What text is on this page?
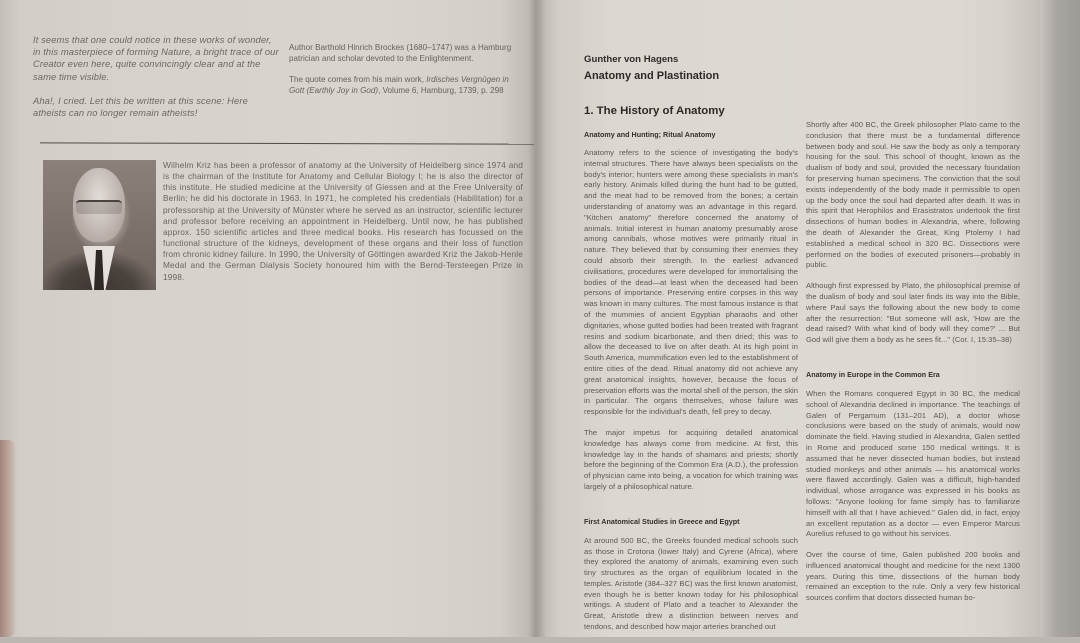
It seems that one could notice in these works of wonder, in this masterpiece of forming Nature, a bright trace of our Creator even here, quite convincingly clear and at the same time visible.

Aha!, I cried. Let this be written at this scene: Here atheists can no longer remain atheists!

Author Barthold Hinrich Brockes (1680–1747) was a Hamburg patrician and scholar devoted to the Enlightenment.

The quote comes from his main work, Irdisches Vergnügen in Gott (Earthly Joy in God), Volume 6, Hamburg, 1739, p. 298

Wilhelm Kriz has been a professor of anatomy at the University of Heidelberg since 1974 and is the chairman of the Institute for Anatomy and Cellular Biology I; he is also the director of this institute. He studied medicine at the University of Giessen and at the Free University of Berlin; he did his doctorate in 1963. In 1971, he completed his credentials (Habilitation) for a professorship at the University of Münster where he served as an instructor, scientific lecturer and professor before receiving an appointment in Heidelberg. Until now, he has published approx. 150 scientific articles and three medical books. His research has focussed on the functional structure of the kidneys, development of these organs and their loss of function from chronic kidney failure. In 1990, the University of Göttingen awarded Kriz the Jakob-Henle Medal and the German Dialysis Society honoured him with the Bernd-Tersteegen Prize in 1998.
Gunther von Hagens
Anatomy and Plastination
1. The History of Anatomy

Anatomy and Hunting; Ritual Anatomy

Anatomy refers to the science of investigating the body's internal structures. There have always been specialists on the body's interior; hunters were among these specialists in man's early history. Animals killed during the hunt had to be gutted, and the meat had to be removed from the bones; a certain understanding of anatomy was an advantage in this regard. "Kitchen anatomy" therefore concerned the anatomy of animals. Initial interest in human anatomy presumably arose among cannibals, whose motives were primarily ritual in nature. They believed that by consuming their enemies they could absorb their strength. In the earliest advanced civilisations, procedures were developed for immortalising the bodies of the dead—at least when the deceased had been persons of importance. Preserving entire corpses in this way was known in many cultures. The most famous instance is that of the mummies of ancient Egyptian pharaohs and other dignitaries, whose gutted bodies had been treated with fragrant resins and sodium bicarbonate, and then dried; this was to allow the deceased to live on after death. At its high point in South America, mummification even led to the establishment of entire cities of the dead. Ritual anatomy did not achieve any great anatomical insights, however, because the focus of preservation efforts was the mortal shell of the person, the skin in particular. The organs themselves, whose failure was responsible for the individual's death, fell prey to decay.

The major impetus for acquiring detailed anatomical knowledge has always come from medicine. At first, this knowledge lay in the hands of shamans and priests; shortly before the beginning of the Common Era (A.D.), the profession of physician came into being, a vocation for which training was largely of a philosophical nature.

First Anatomical Studies in Greece and Egypt

At around 500 BC, the Greeks founded medical schools such as those in Crotona (lower Italy) and Cyrene (Africa), where they explored the anatomy of animals, examining even such tiny structures as the organ of equilibrium located in the temples. Aristotle (384–327 BC) was the first known anatomist, even though he is better known today for his philosophical writings. A student of Plato and a teacher to Alexander the Great, Aristotle drew a distinction between nerves and tendons, and described how major arteries branched out

Shortly after 400 BC, the Greek philosopher Plato came to the conclusion that there must be a fundamental difference between body and soul. He saw the body as only a temporary housing for the soul. This school of thought, known as the dualism of body and soul, provided the necessary foundation for preserving human specimens. The conviction that the soul exists independently of the body made it permissible to open up the body once the soul had departed after death. It was in this spirit that Herophilos and Erasistratos undertook the first dissections of human bodies in Alexandria, where, following the death of Alexander the Great, King Ptolemy I had established a medical school in 320 BC. Dissections were performed on the bodies of executed prisoners—probably in public.

Although first expressed by Plato, the philosophical premise of the dualism of body and soul later finds its way into the Bible, where Paul says the following about the new body to come after the resurrection: "But someone will ask, 'How are the dead raised? With what kind of body will they come?' ... But God will give them a body as he sees fit..." (Cor. I, 15:35–38)

Anatomy in Europe in the Common Era

When the Romans conquered Egypt in 30 BC, the medical school of Alexandria declined in importance. The teachings of Galen of Pergamum (131–201 AD), a doctor whose conclusions were based on the study of animals, would now dominate the field. Having studied in Alexandria, Galen settled in Rome and produced some 150 medical writings. It is assumed that he never dissected human bodies, but instead studied monkeys and other animals — his anatomical works were flawed accordingly. Galen was a difficult, high-handed individual, whose arrogance was expressed in his books as follows: "Anyone looking for fame simply has to familiarize himself with all that I have achieved." Galen did, in fact, enjoy an excellent reputation as a doctor — even Emperor Marcus Aurelius refused to go without his services.

Over the course of time, Galen published 200 books and influenced anatomical thought and medicine for the next 1300 years. During this time, dissections of the human body remained an exception to the rule. Only a very few historical sources confirm that doctors dissected human bo-
